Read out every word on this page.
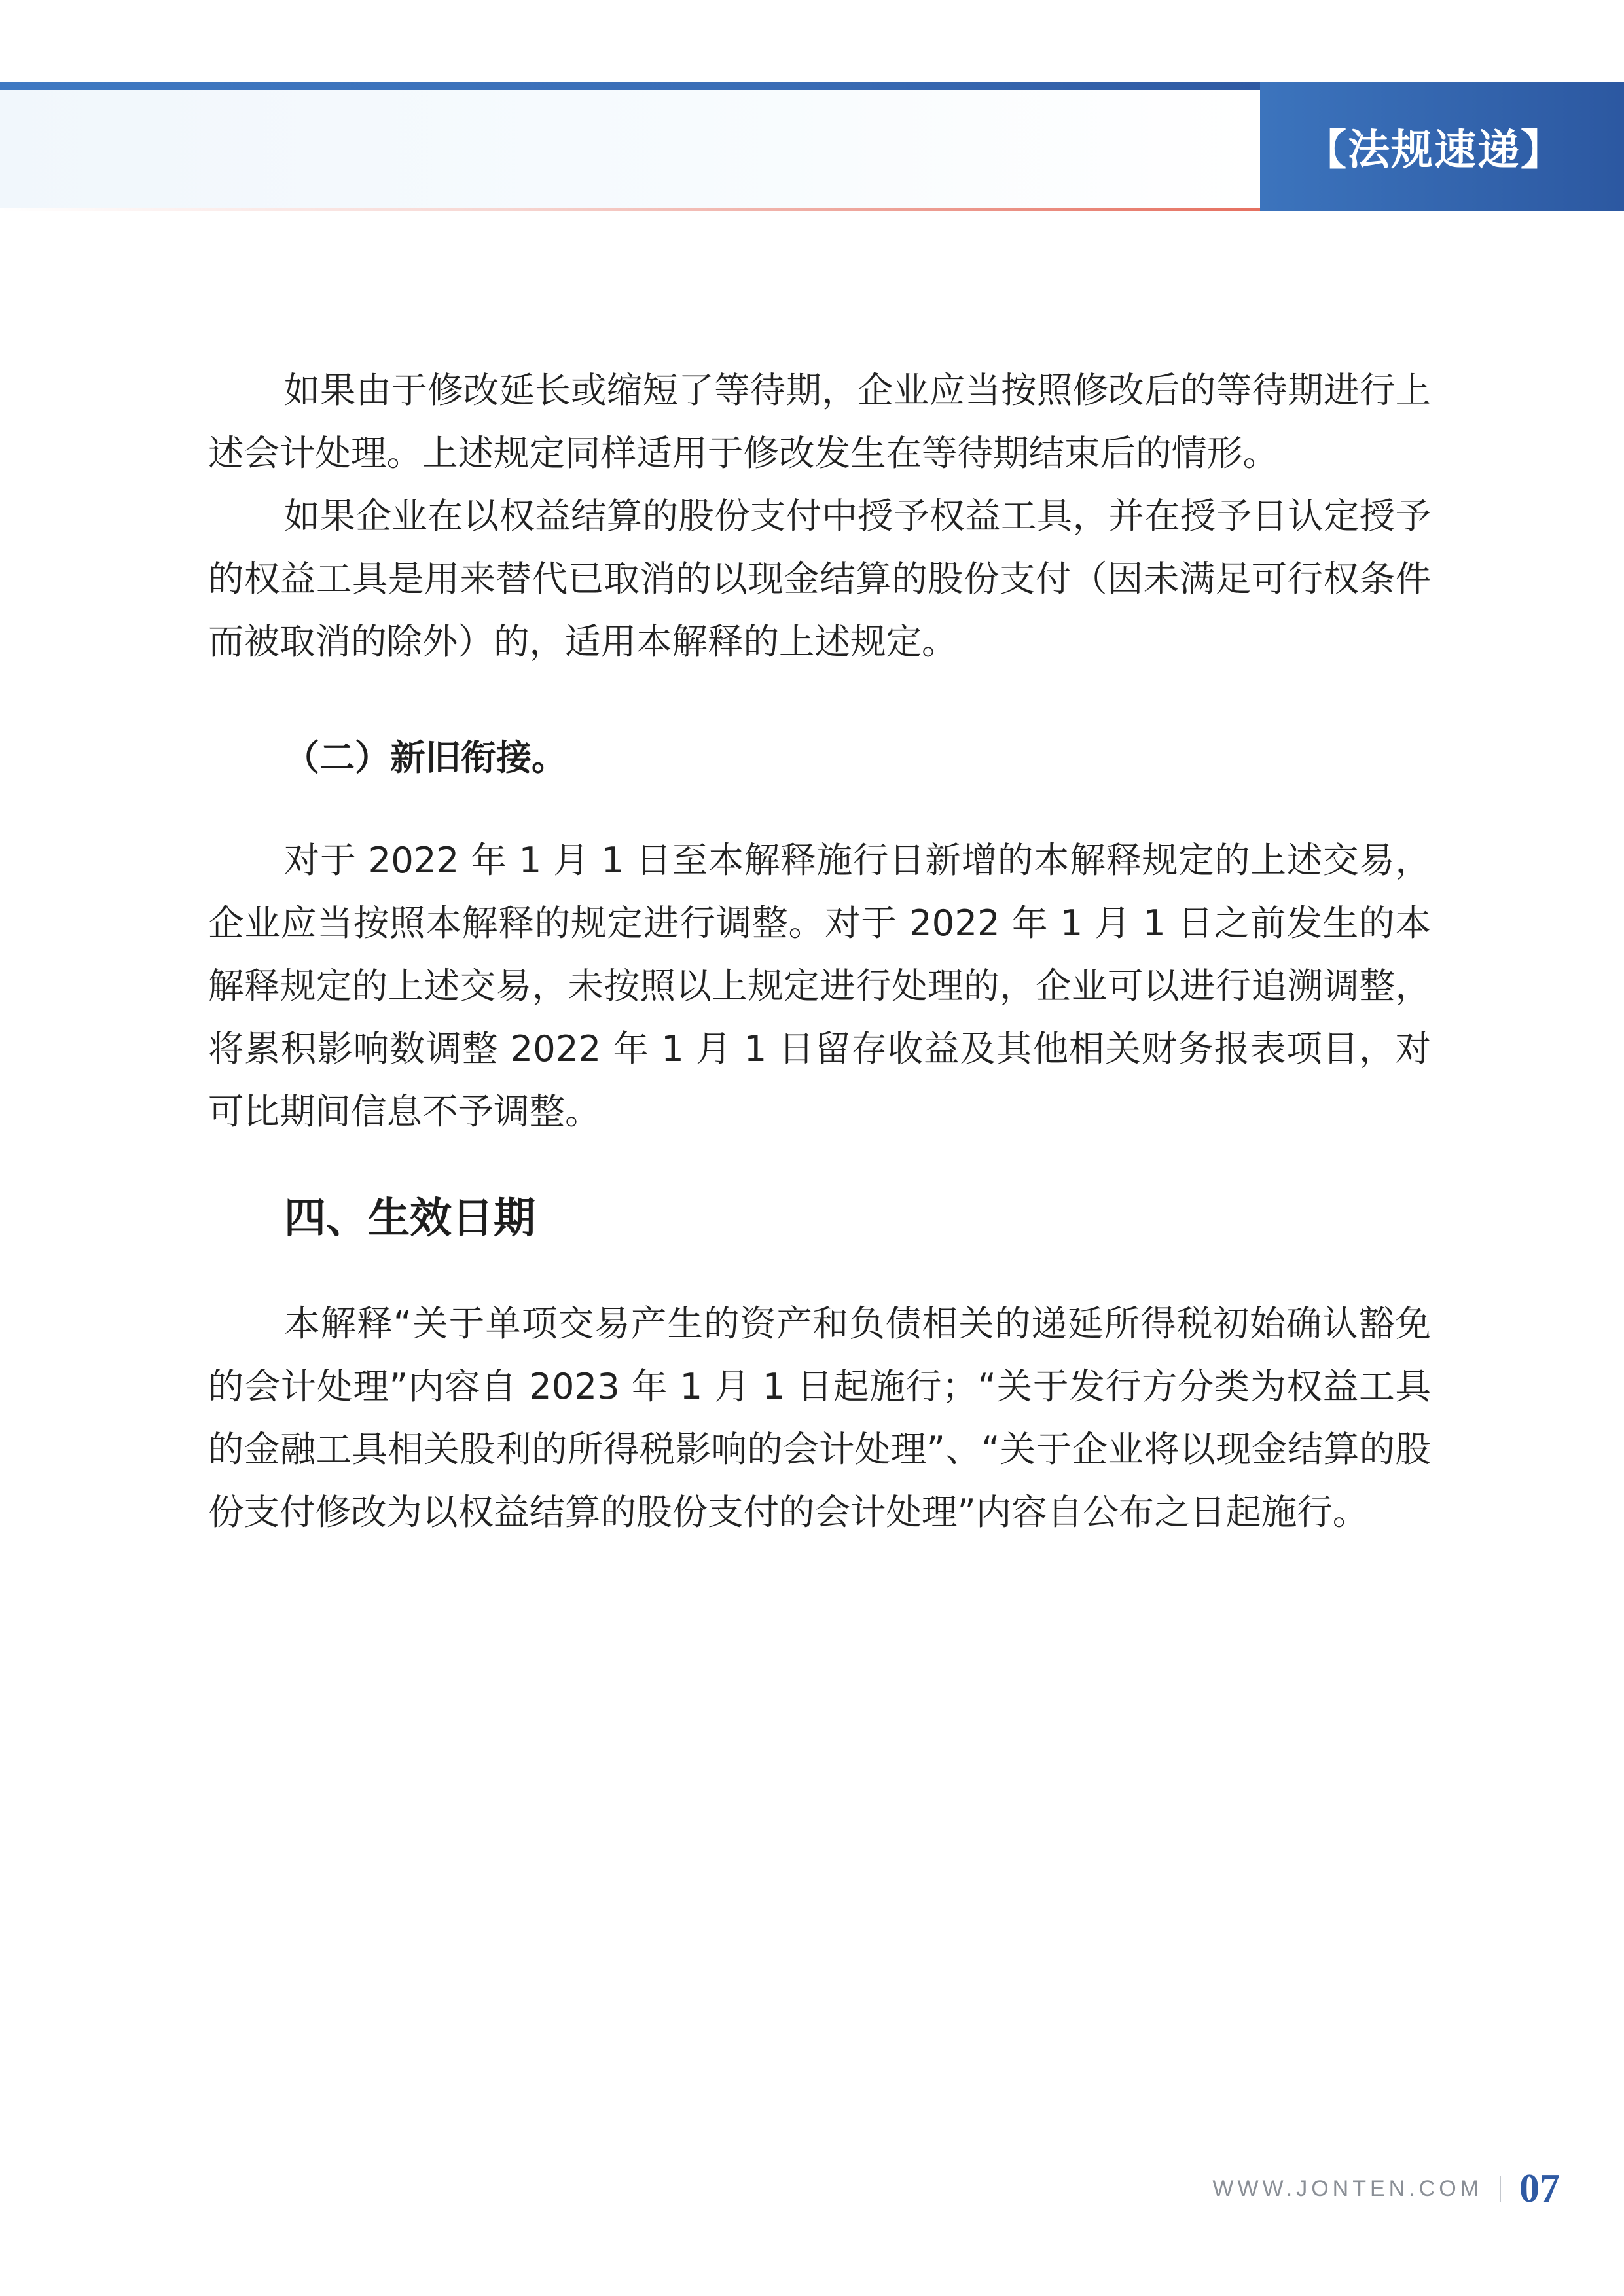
【法规速递】

如果由于修改延长或缩短了等待期，企业应当按照修改后的等待期进行上述会计处理。上述规定同样适用于修改发生在等待期结束后的情形。

如果企业在以权益结算的股份支付中授予权益工具，并在授予日认定授予的权益工具是用来替代已取消的以现金结算的股份支付（因未满足可行权条件而被取消的除外）的，适用本解释的上述规定。

（二）新旧衔接。

对于 2022 年 1 月 1 日至本解释施行日新增的本解释规定的上述交易，企业应当按照本解释的规定进行调整。对于 2022 年 1 月 1 日之前发生的本解释规定的上述交易，未按照以上规定进行处理的，企业可以进行追溯调整，将累积影响数调整 2022 年 1 月 1 日留存收益及其他相关财务报表项目，对可比期间信息不予调整。

四、生效日期

本解释“关于单项交易产生的资产和负债相关的递延所得税初始确认豁免的会计处理”内容自 2023 年 1 月 1 日起施行；“关于发行方分类为权益工具的金融工具相关股利的所得税影响的会计处理”、“关于企业将以现金结算的股份支付修改为以权益结算的股份支付的会计处理”内容自公布之日起施行。

WWW.JONTEN.COM 07
